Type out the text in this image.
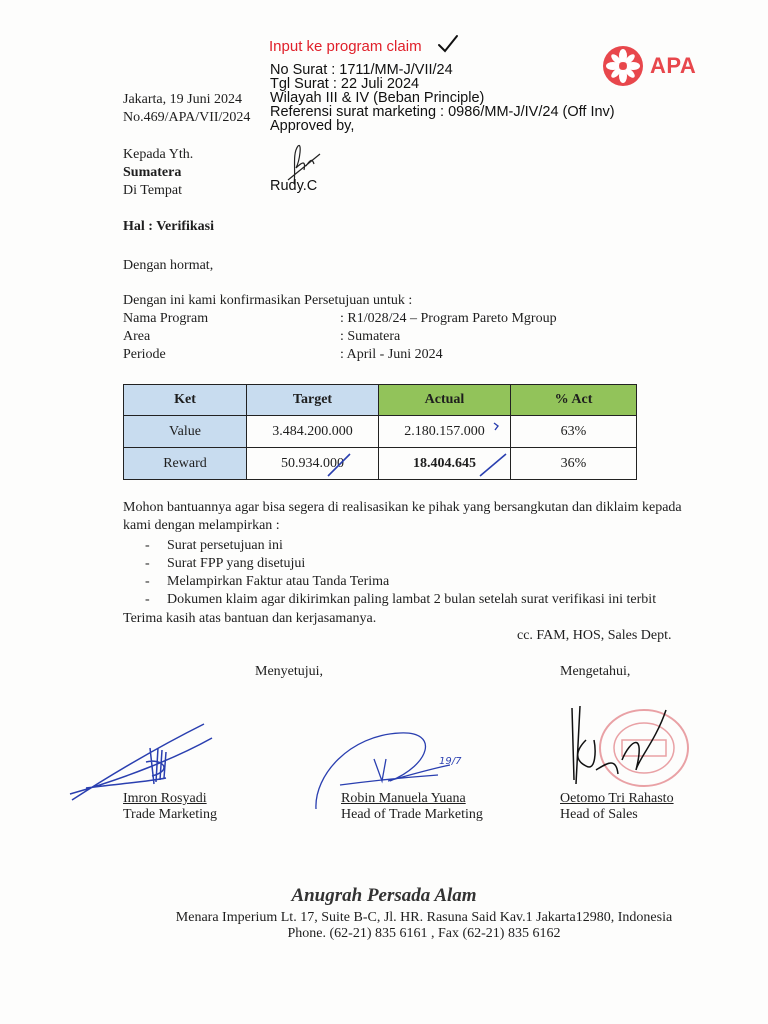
Input ke program claim
No Surat : 1711/MM-J/VII/24
Tgl Surat : 22 Juli 2024
Wilayah III & IV (Beban Principle)
Referensi surat marketing : 0986/MM-J/IV/24 (Off Inv)
Approved by,
Rudy.C
APA
Jakarta, 19 Juni 2024
No.469/APA/VII/2024
Kepada Yth.
Sumatera
Di Tempat
Hal : Verifikasi
Dengan hormat,
Dengan ini kami konfirmasikan Persetujuan untuk :
Nama Program	: R1/028/24 – Program Pareto Mgroup
Area	: Sumatera
Periode	: April - Juni 2024
Ket	Target	Actual	% Act
Value	3.484.200.000	2.180.157.000	63%
Reward	50.934.000	18.404.645	36%
Mohon bantuannya agar bisa segera di realisasikan ke pihak yang bersangkutan dan diklaim kepada
kami dengan melampirkan :
- Surat persetujuan ini
- Surat FPP yang disetujui
- Melampirkan Faktur atau Tanda Terima
- Dokumen klaim agar dikirimkan paling lambat 2 bulan setelah surat verifikasi ini terbit
Terima kasih atas bantuan dan kerjasamanya.
cc. FAM, HOS, Sales Dept.
Menyetujui,	Mengetahui,
19/7
Imron Rosyadi
Trade Marketing
Robin Manuela Yuana
Head of Trade Marketing
Oetomo Tri Rahasto
Head of Sales
Anugrah Persada Alam
Menara Imperium Lt. 17, Suite B-C, Jl. HR. Rasuna Said Kav.1 Jakarta12980, Indonesia
Phone. (62-21) 835 6161 , Fax (62-21) 835 6162
